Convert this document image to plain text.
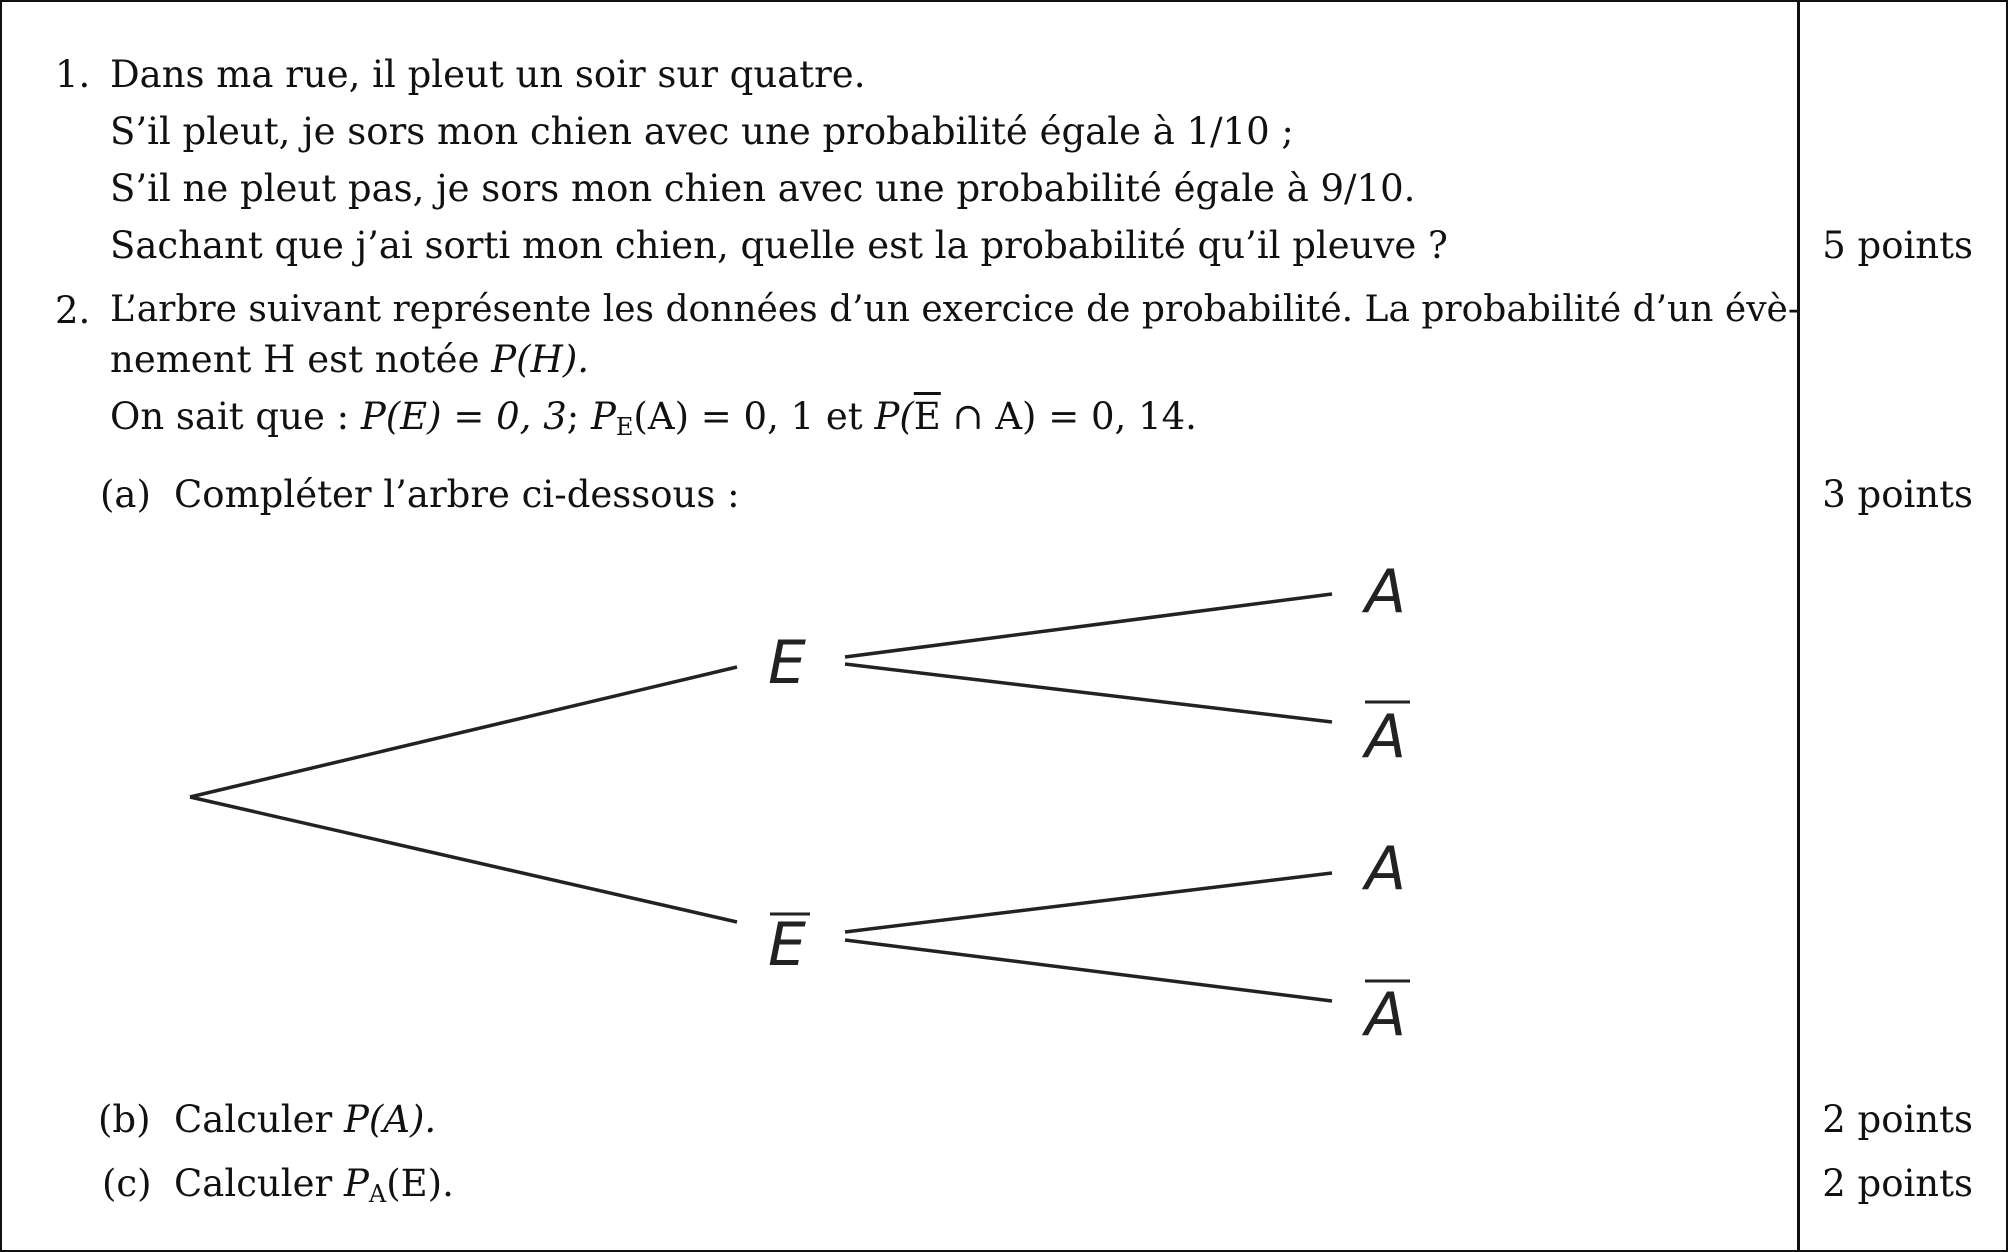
1. Dans ma rue, il pleut un soir sur quatre.
S’il pleut, je sors mon chien avec une probabilité égale à 1/10 ;
S’il ne pleut pas, je sors mon chien avec une probabilité égale à 9/10.
Sachant que j’ai sorti mon chien, quelle est la probabilité qu’il pleuve ?	5 points
2. L’arbre suivant représente les données d’un exercice de probabilité. La probabilité d’un évè-
nement H est notée P(H).
On sait que : P(E) = 0, 3; $P_E(A) = 0$, 1 et $P(\overline{E}$ ∩ A) = 0, 14.
(a) Compléter l’arbre ci-dessous :	3 points
E
E
A
A
A
A
(b) Calculer P(A).	2 points
(c) Calculer $P_A(E)$.	2 points
